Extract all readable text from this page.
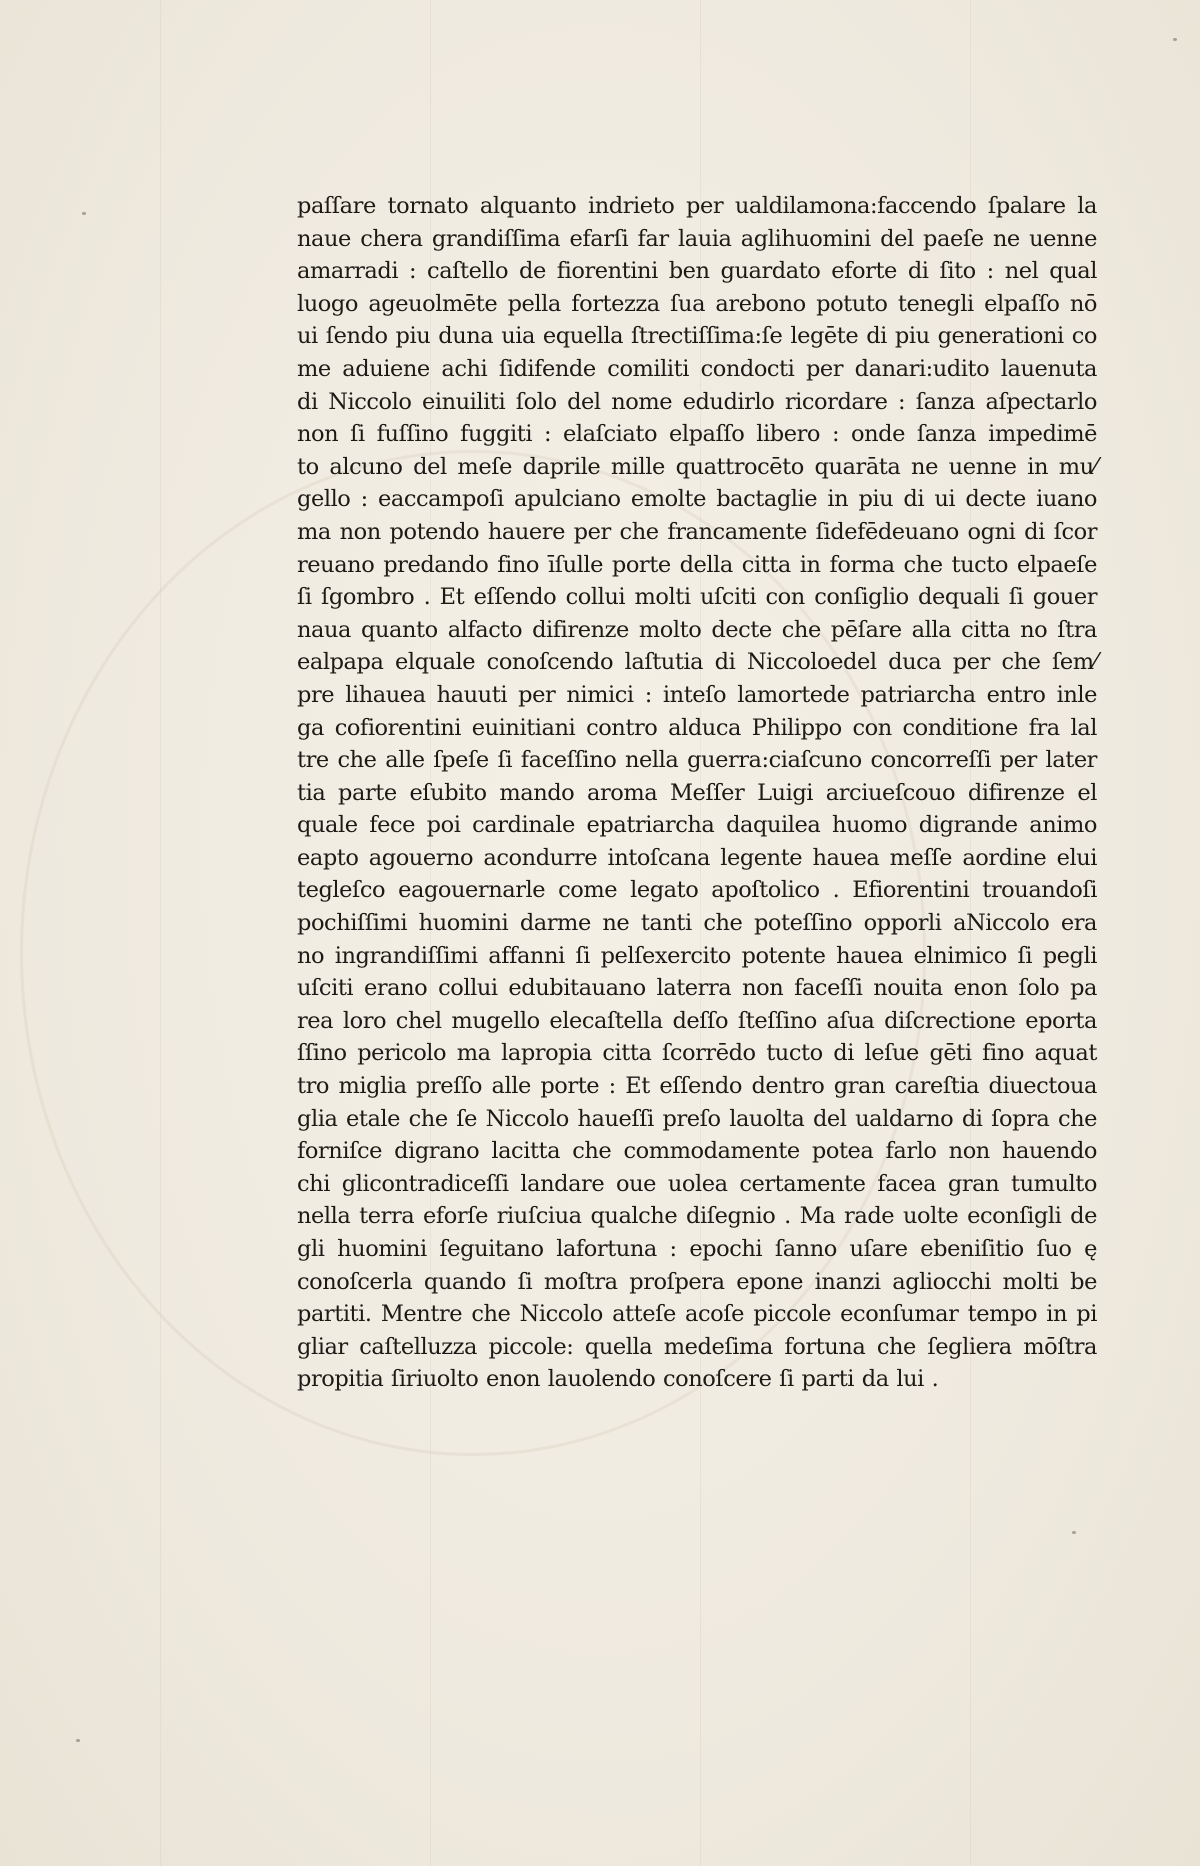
paſſare tornato alquanto indrieto per ualdilamona:faccendo ſpalare la
naue chera grandiſſima efarſi far lauia aglihuomini del paeſe ne uenne
amarradi : caſtello de fiorentini ben guardato eforte di ſito : nel qual
luogo ageuolmēte pella fortezza ſua arebono potuto tenegli elpaſſo nō
ui ſendo piu duna uia equella ſtrectiſſima:ſe legēte di piu generationi co
me aduiene achi ſidifende comiliti condocti per danari:udito lauenuta
di Niccolo einuiliti ſolo del nome edudirlo ricordare : ſanza aſpectarlo
non ſi fuſſino fuggiti : elaſciato elpaſſo libero : onde ſanza impedimē
to alcuno del meſe daprile mille quattrocēto quarāta ne uenne in mu⁄
gello : eaccampoſi apulciano emolte bactaglie in piu di ui decte iuano
ma non potendo hauere per che francamente ſidefēdeuano ogni di ſcor
reuano predando fino īſulle porte della citta in forma che tucto elpaeſe
ſi ſgombro . Et eſſendo collui molti uſciti con conſiglio dequali ſi gouer
naua quanto alfacto difirenze molto decte che pēſare alla citta no ſtra
ealpapa elquale conoſcendo laſtutia di Niccoloedel duca per che ſem⁄
pre lihauea hauuti per nimici : inteſo lamortede patriarcha entro inle
ga cofiorentini euinitiani contro alduca Philippo con conditione fra lal
tre che alle ſpeſe ſi faceſſino nella guerra:ciaſcuno concorreſſi per later
tia parte eſubito mando aroma Meſſer Luigi arciueſcouo difirenze el
quale fece poi cardinale epatriarcha daquilea huomo digrande animo
eapto agouerno acondurre intoſcana legente hauea meſſe aordine elui
tegleſco eagouernarle come legato apoſtolico . Efiorentini trouandoſi
pochiſſimi huomini darme ne tanti che poteſſino opporli aNiccolo era
no ingrandiſſimi affanni ſi pelſexercito potente hauea elnimico ſi pegli
uſciti erano collui edubitauano laterra non faceſſi nouita enon ſolo pa
rea loro chel mugello elecaſtella deſſo ſteſſino aſua diſcrectione eporta
ſſino pericolo ma lapropia citta ſcorrēdo tucto di leſue gēti fino aquat
tro miglia preſſo alle porte : Et eſſendo dentro gran careſtia diuectoua
glia etale che ſe Niccolo haueſſi preſo lauolta del ualdarno di ſopra che
forniſce digrano lacitta che commodamente potea farlo non hauendo
chi glicontradiceſſi landare oue uolea certamente facea gran tumulto
nella terra eforſe riuſciua qualche diſegnio . Ma rade uolte econſigli de
gli huomini ſeguitano lafortuna : epochi ſanno uſare ebeniſitio ſuo ę
conoſcerla quando ſi moſtra proſpera epone inanzi agliocchi molti be
partiti. Mentre che Niccolo atteſe acoſe piccole econſumar tempo in pi
gliar caſtelluzza piccole: quella medeſima fortuna che ſegliera mōſtra
propitia ſiriuolto enon lauolendo conoſcere ſi parti da lui .
